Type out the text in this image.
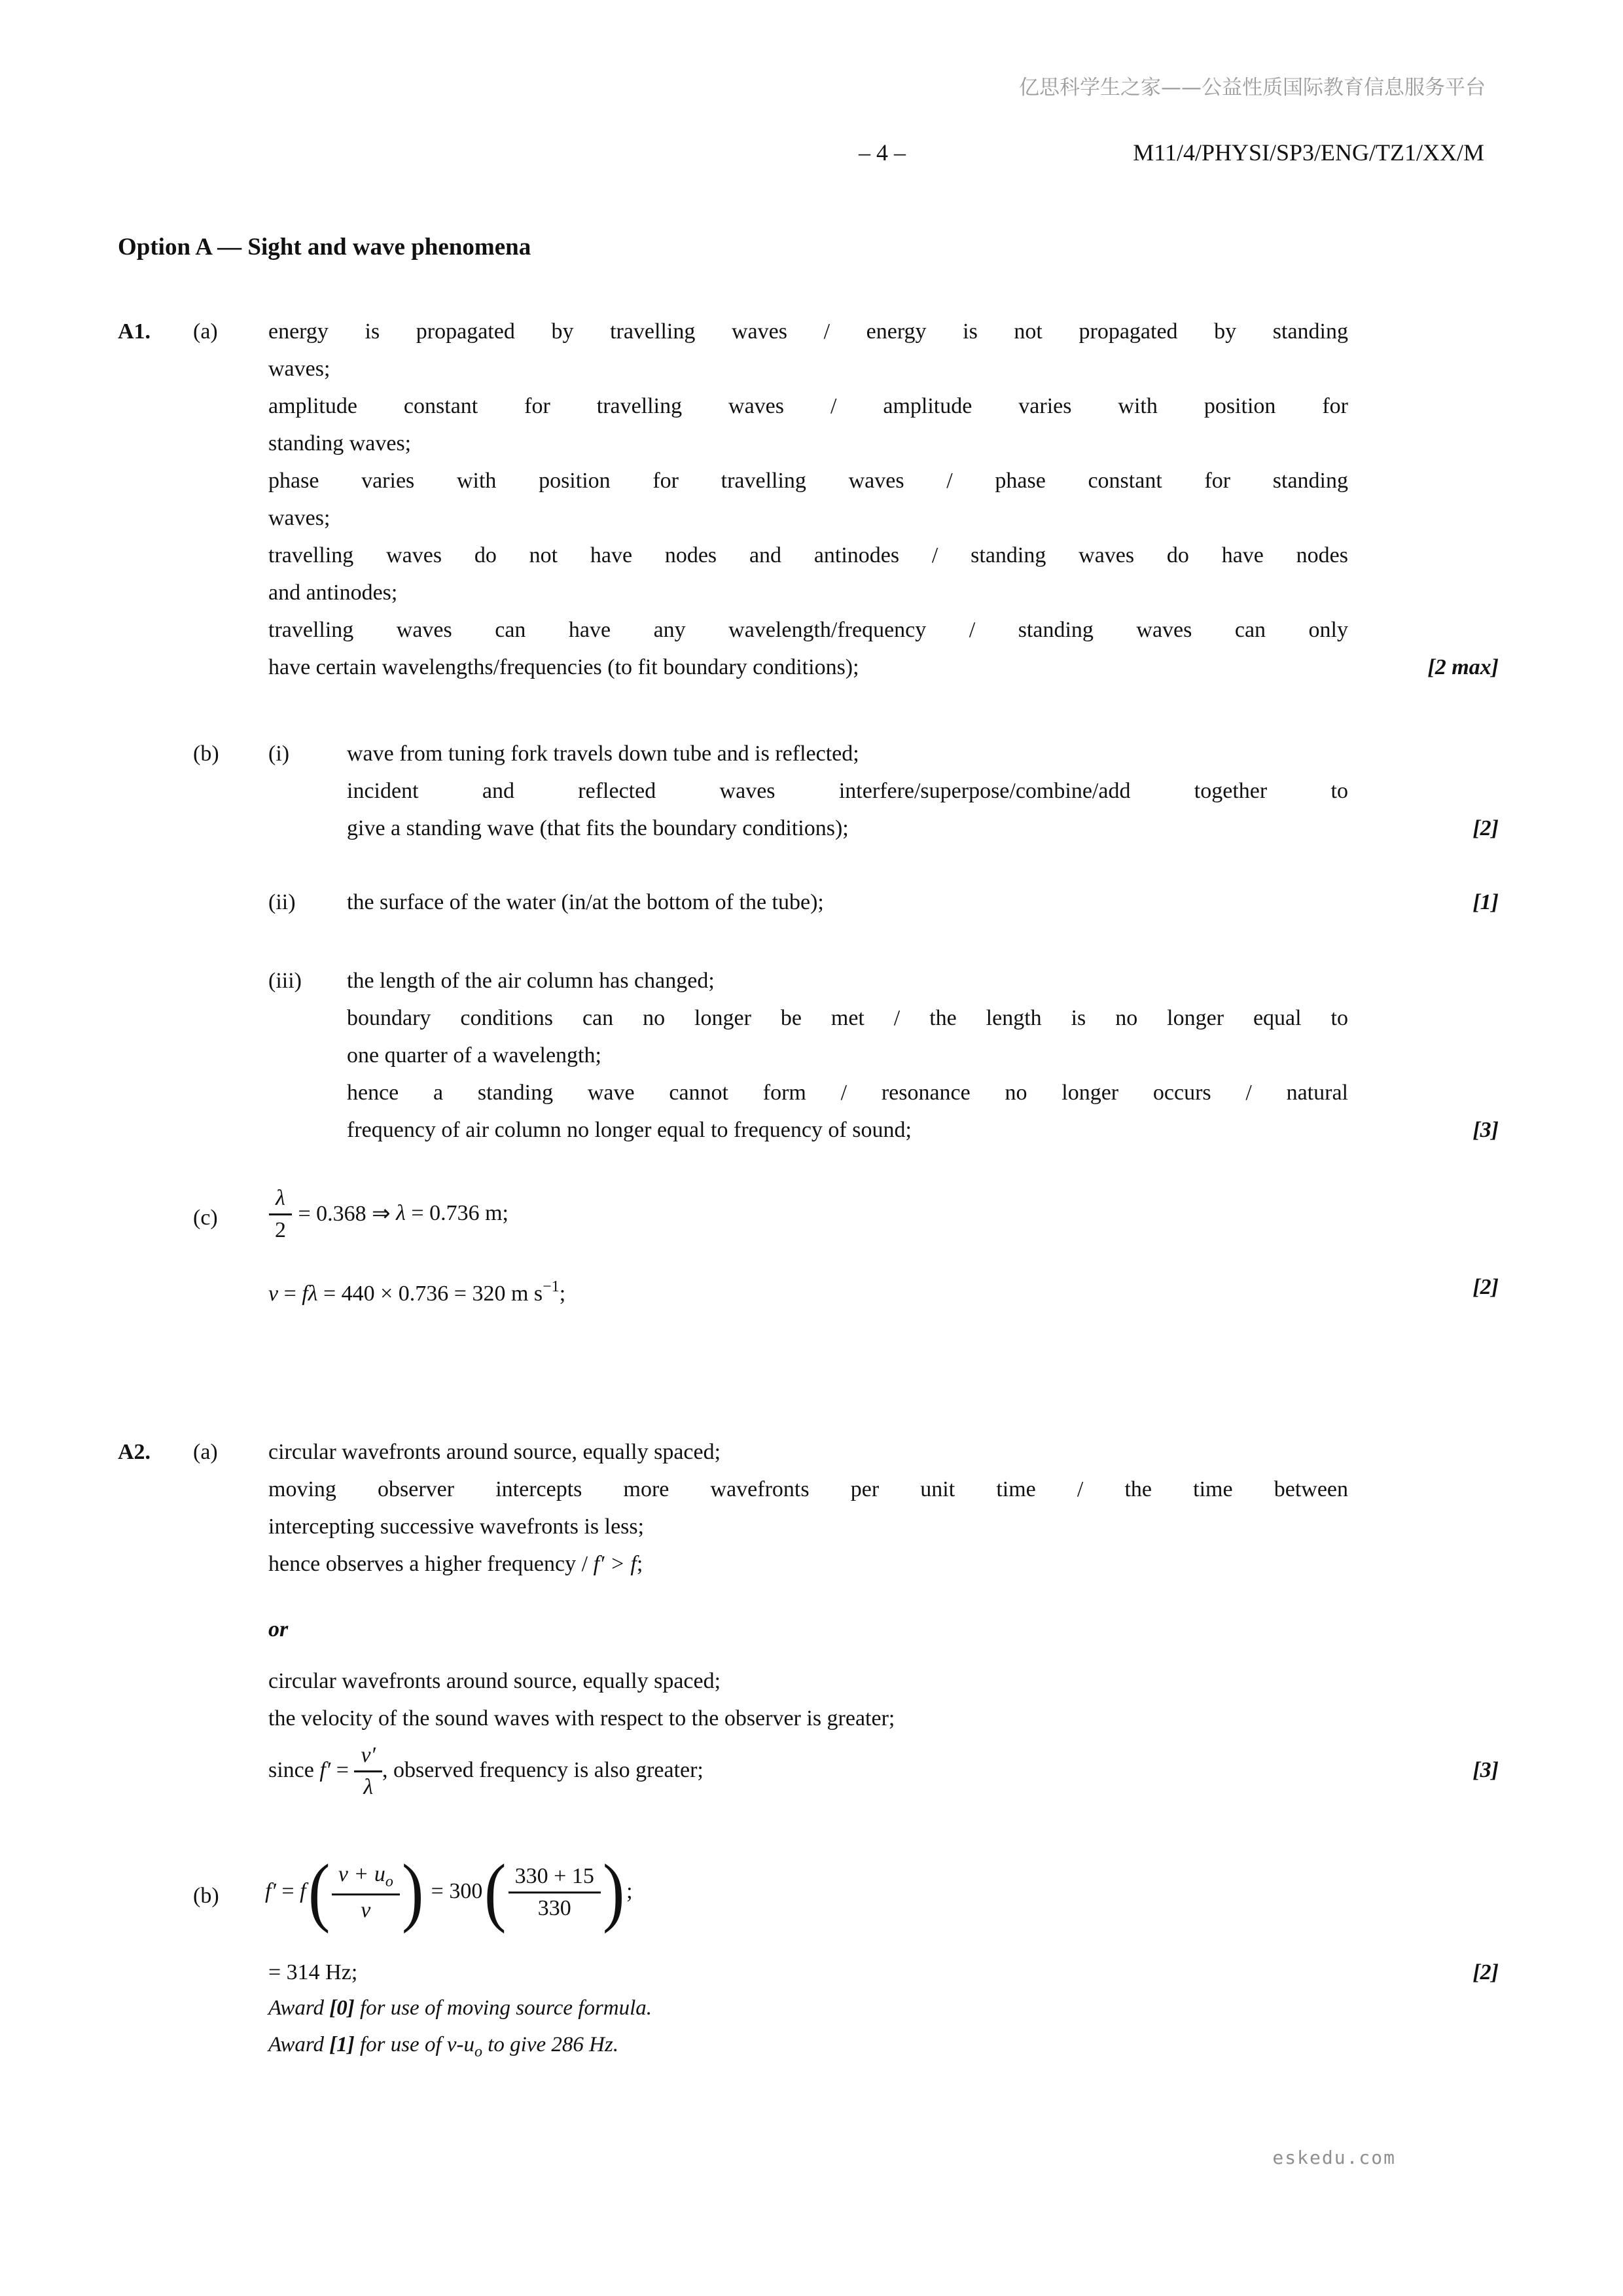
亿思科学生之家——公益性质国际教育信息服务平台
– 4 –	M11/4/PHYSI/SP3/ENG/TZ1/XX/M
Option A — Sight and wave phenomena
A1.	(a)	energy is propagated by travelling waves / energy is not propagated by standing
waves;
amplitude constant for travelling waves / amplitude varies with position for
standing waves;
phase varies with position for travelling waves / phase constant for standing
waves;
travelling waves do not have nodes and antinodes / standing waves do have nodes
and antinodes;
travelling waves can have any wavelength/frequency / standing waves can only
have certain wavelengths/frequencies (to fit boundary conditions);	[2 max]
(b)	(i)	wave from tuning fork travels down tube and is reflected;
incident and reflected waves interfere/superpose/combine/add together to
give a standing wave (that fits the boundary conditions);	[2]
(ii)	the surface of the water (in/at the bottom of the tube);	[1]
(iii)	the length of the air column has changed;
boundary conditions can no longer be met / the length is no longer equal to
one quarter of a wavelength;
hence a standing wave cannot form / resonance no longer occurs / natural
frequency of air column no longer equal to frequency of sound;	[3]
$(c) \frac{\lambda}{2} = 0.368$ ⇒ λ = 0.736 m;
v = fλ = 440 × 0.736 = 320 m $s^{-1}$;	[2]
A2.	(a)	circular wavefronts around source, equally spaced;
moving observer intercepts more wavefronts per unit time / the time between
intercepting successive wavefronts is less;
hence observes a higher frequency / f′ > f;
or
circular wavefronts around source, equally spaced;
the velocity of the sound waves with respect to the observer is greater;
since $f' = \frac{v'}{\lambda}$ , observed frequency is also greater;	[3]
(b) f′ = f ( $\frac{v + u_o}{v}$ ) = 300 ( $\frac{330 + 15}{330}$ ) ;
= 314 Hz;	[2]
Award [0] for use of moving source formula.
Award [1] for use of $v-u_o$ to give 286 Hz.
eskedu.com
